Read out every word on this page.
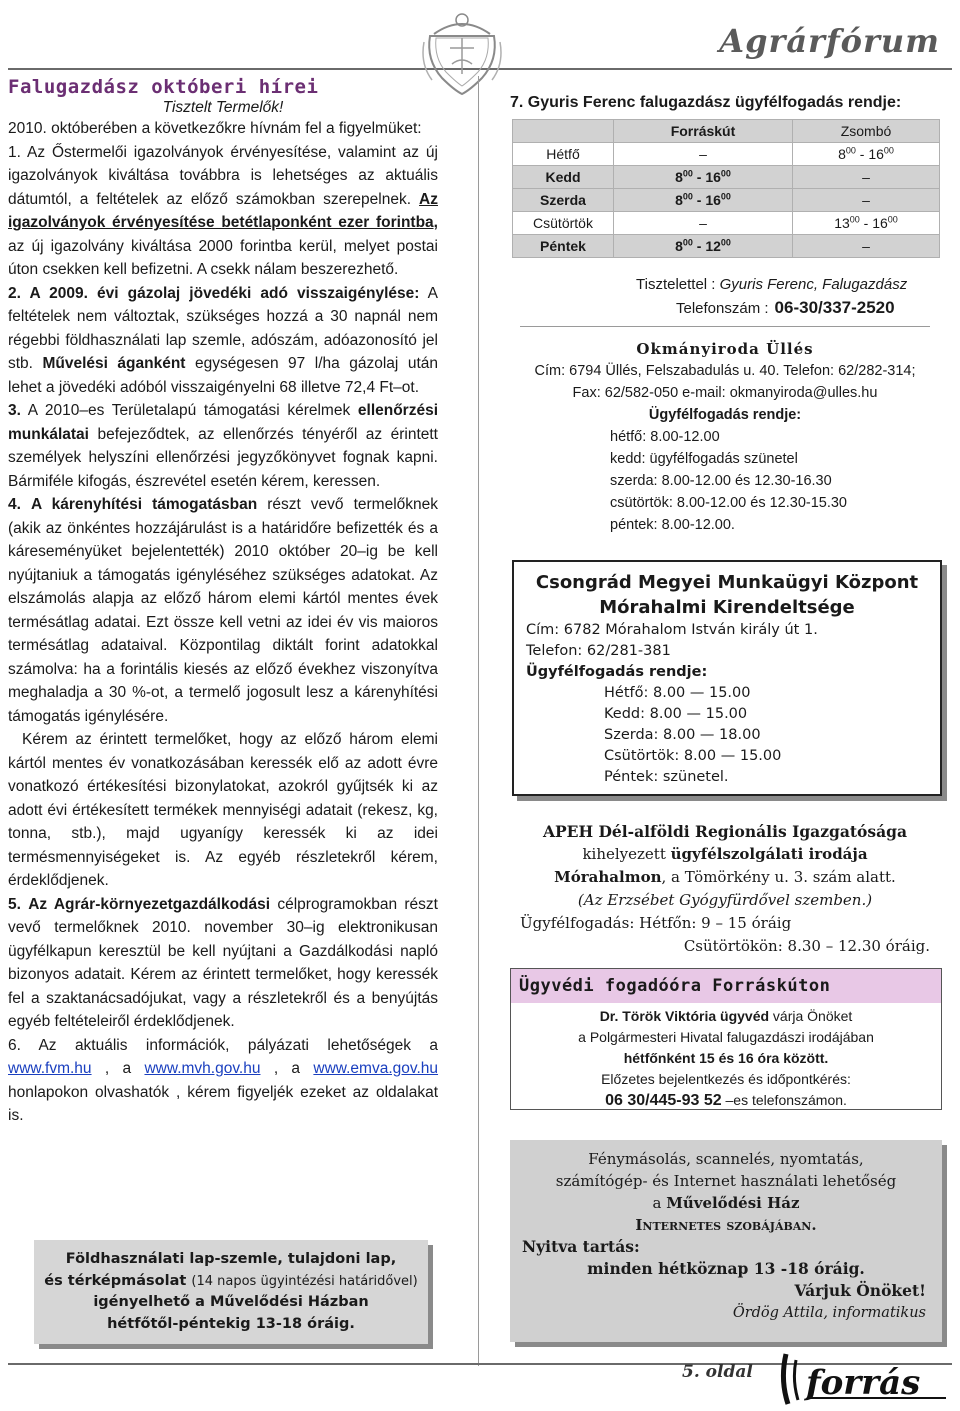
Agrárfórum
Falugazdász októberi hírei
Tisztelt Termelők!

2010. októberében a következőkre hívnám fel a figyelmüket:

1. Az Őstermelői igazolványok érvényesítése, valamint az új igazolványok kiváltása továbbra is lehetséges az aktuális dátumtól, a feltételek az előző számokban szerepelnek. Az igazolványok érvényesítése betétlaponként ezer forintba, az új igazolvány kiváltása 2000 forintba kerül, melyet postai úton csekken kell befizetni. A csekk nálam beszerezhető.

2. A 2009. évi gázolaj jövedéki adó visszaigénylése: A feltételek nem változtak, szükséges hozzá a 30 napnál nem régebbi földhasználati lap szemle, adószám, adóazonosító jel stb. Művelési áganként egységesen 97 l/ha gázolaj után lehet a jövedéki adóból visszaigényelni 68 illetve 72,4 Ft–ot.

3. A 2010–es Területalapú támogatási kérelmek ellenőrzési munkálatai befejeződtek, az ellenőrzés tényéről az érintett személyek helyszíni ellenőrzési jegyzőkönyvet fognak kapni. Bármiféle kifogás, észrevétel esetén kérem, keressen.

4. A kárenyhítési támogatásban részt vevő termelőknek (akik az önkéntes hozzájárulást is a határidőre befizették és a káreseményüket bejelentették) 2010 október 20–ig be kell nyújtaniuk a támogatás igényléséhez szükséges adatokat. Az elszámolás alapja az előző három elemi kártól mentes évek termésátlag adatai. Ezt össze kell vetni az idei év vis maioros termésátlag adataival. Központilag diktált forint adatokkal számolva: ha a forintális kiesés az előző évekhez viszonyítva meghaladja a 30 %-ot, a termelő jogosult lesz a kárenyhítési támogatás igénylésére.

Kérem az érintett termelőket, hogy az előző három elemi kártól mentes év vonatkozásában keressék elő az adott évre vonatkozó értékesítési bizonylatokat, azokról gyűjtsék ki az adott évi értékesített termékek mennyiségi adatait (rekesz, kg, tonna, stb.), majd ugyanígy keressék ki az idei termésmennyiségeket is. Az egyéb részletekről kérem, érdeklődjenek.

5. Az Agrár-környezetgazdálkodási célprogramokban részt vevő termelőknek 2010. november 30–ig elektronikusan ügyfélkapun keresztül be kell nyújtani a Gazdálkodási napló bizonyos adatait. Kérem az érintett termelőket, hogy keressék fel a szaktanácsadójukat, vagy a részletekről és a benyújtás egyéb feltételeiről érdeklődjenek.

6. Az aktuális információk, pályázati lehetőségek a www.fvm.hu , a www.mvh.gov.hu , a www.emva.gov.hu honlapokon olvashatók , kérem figyeljék ezeket az oldalakat is.

Földhasználati lap-szemle, tulajdoni lap,
és térképmásolat (14 napos ügyintézési határidővel)
igényelhető a Művelődési Házban
hétfőtől-péntekig 13-18 óráig.
7. Gyuris Ferenc falugazdász ügyfélfogadás rendje:
	Forráskút	Zsombó
Hétfő	–	$8^{00} - 16^{00}$
Kedd	$8^{00} - 16^{00}$	–
Szerda	$8^{00} - 16^{00}$	–
Csütörtök	–	$13^{00} - 16^{00}$
Péntek	$8^{00} - 12^{00}$	–
Tisztelettel : Gyuris Ferenc, Falugazdász
Telefonszám : 06-30/337-2520
Okmányiroda Üllés
Cím: 6794 Üllés, Felszabadulás u. 40. Telefon: 62/282-314;
Fax: 62/582-050 e-mail: okmanyiroda@ulles.hu
Ügyfélfogadás rendje:
hétfő: 8.00-12.00
kedd: ügyfélfogadás szünetel
szerda: 8.00-12.00 és 12.30-16.30
csütörtök: 8.00-12.00 és 12.30-15.30
péntek: 8.00-12.00.
Csongrád Megyei Munkaügyi Központ
Mórahalmi Kirendeltsége
Cím: 6782 Mórahalom István király út 1.
Telefon: 62/281-381
Ügyfélfogadás rendje:
Hétfő: 8.00 — 15.00
Kedd: 8.00 — 15.00
Szerda: 8.00 — 18.00
Csütörtök: 8.00 — 15.00
Péntek: szünetel.
APEH Dél-alföldi Regionális Igazgatósága
kihelyezett ügyfélszolgálati irodája
Mórahalmon, a Tömörkény u. 3. szám alatt.
(Az Erzsébet Gyógyfürdővel szemben.)
Ügyfélfogadás: Hétfőn: 9 – 15 óráig
Csütörtökön: 8.30 – 12.30 óráig.
Ügyvédi fogadóóra Forráskúton
Dr. Török Viktória ügyvéd várja Önöket
a Polgármesteri Hivatal falugazdászi irodájában
hétfőnként 15 és 16 óra között.
Előzetes bejelentkezés és időpontkérés:
06 30/445-93 52 –es telefonszámon.
Fénymásolás, scannelés, nyomtatás,
számítógép- és Internet használati lehetőség
a Művelődési Ház
Internetes szobájában.
Nyitva tartás:
minden hétköznap 13 -18 óráig.
Várjuk Önöket!
Ördög Attila, informatikus
5. oldal forrás
